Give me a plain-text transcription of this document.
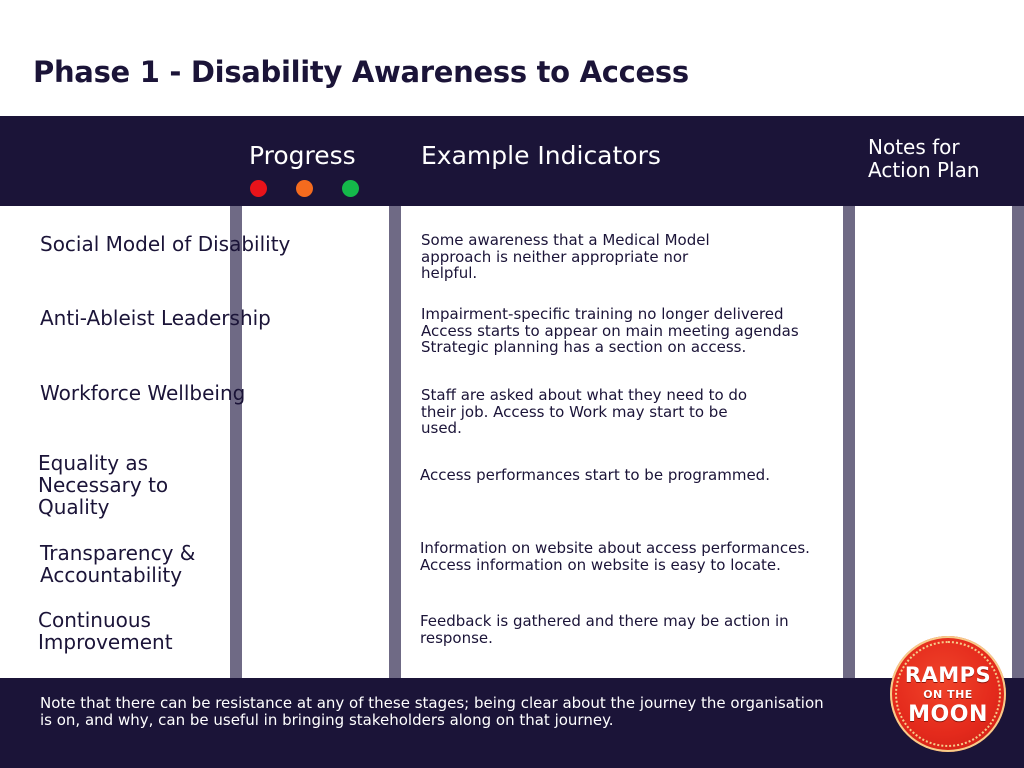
Phase 1 - Disability Awareness to Access
Progress	Example Indicators	Notes for Action Plan
Social Model of Disability
Anti-Ableist Leadership
Workforce Wellbeing
Equality as Necessary to Quality
Transparency & Accountability
Continuous Improvement
Some awareness that a Medical Model approach is neither appropriate nor helpful.
Impairment-specific training no longer delivered Access starts to appear on main meeting agendas Strategic planning has a section on access.
Staff are asked about what they need to do their job. Access to Work may start to be used.
Access performances start to be programmed.
Information on website about access performances. Access information on website is easy to locate.
Feedback is gathered and there may be action in response.
Note that there can be resistance at any of these stages; being clear about the journey the organisation is on, and why, can be useful in bringing stakeholders along on that journey.
RAMPS
ON THE
MOON
